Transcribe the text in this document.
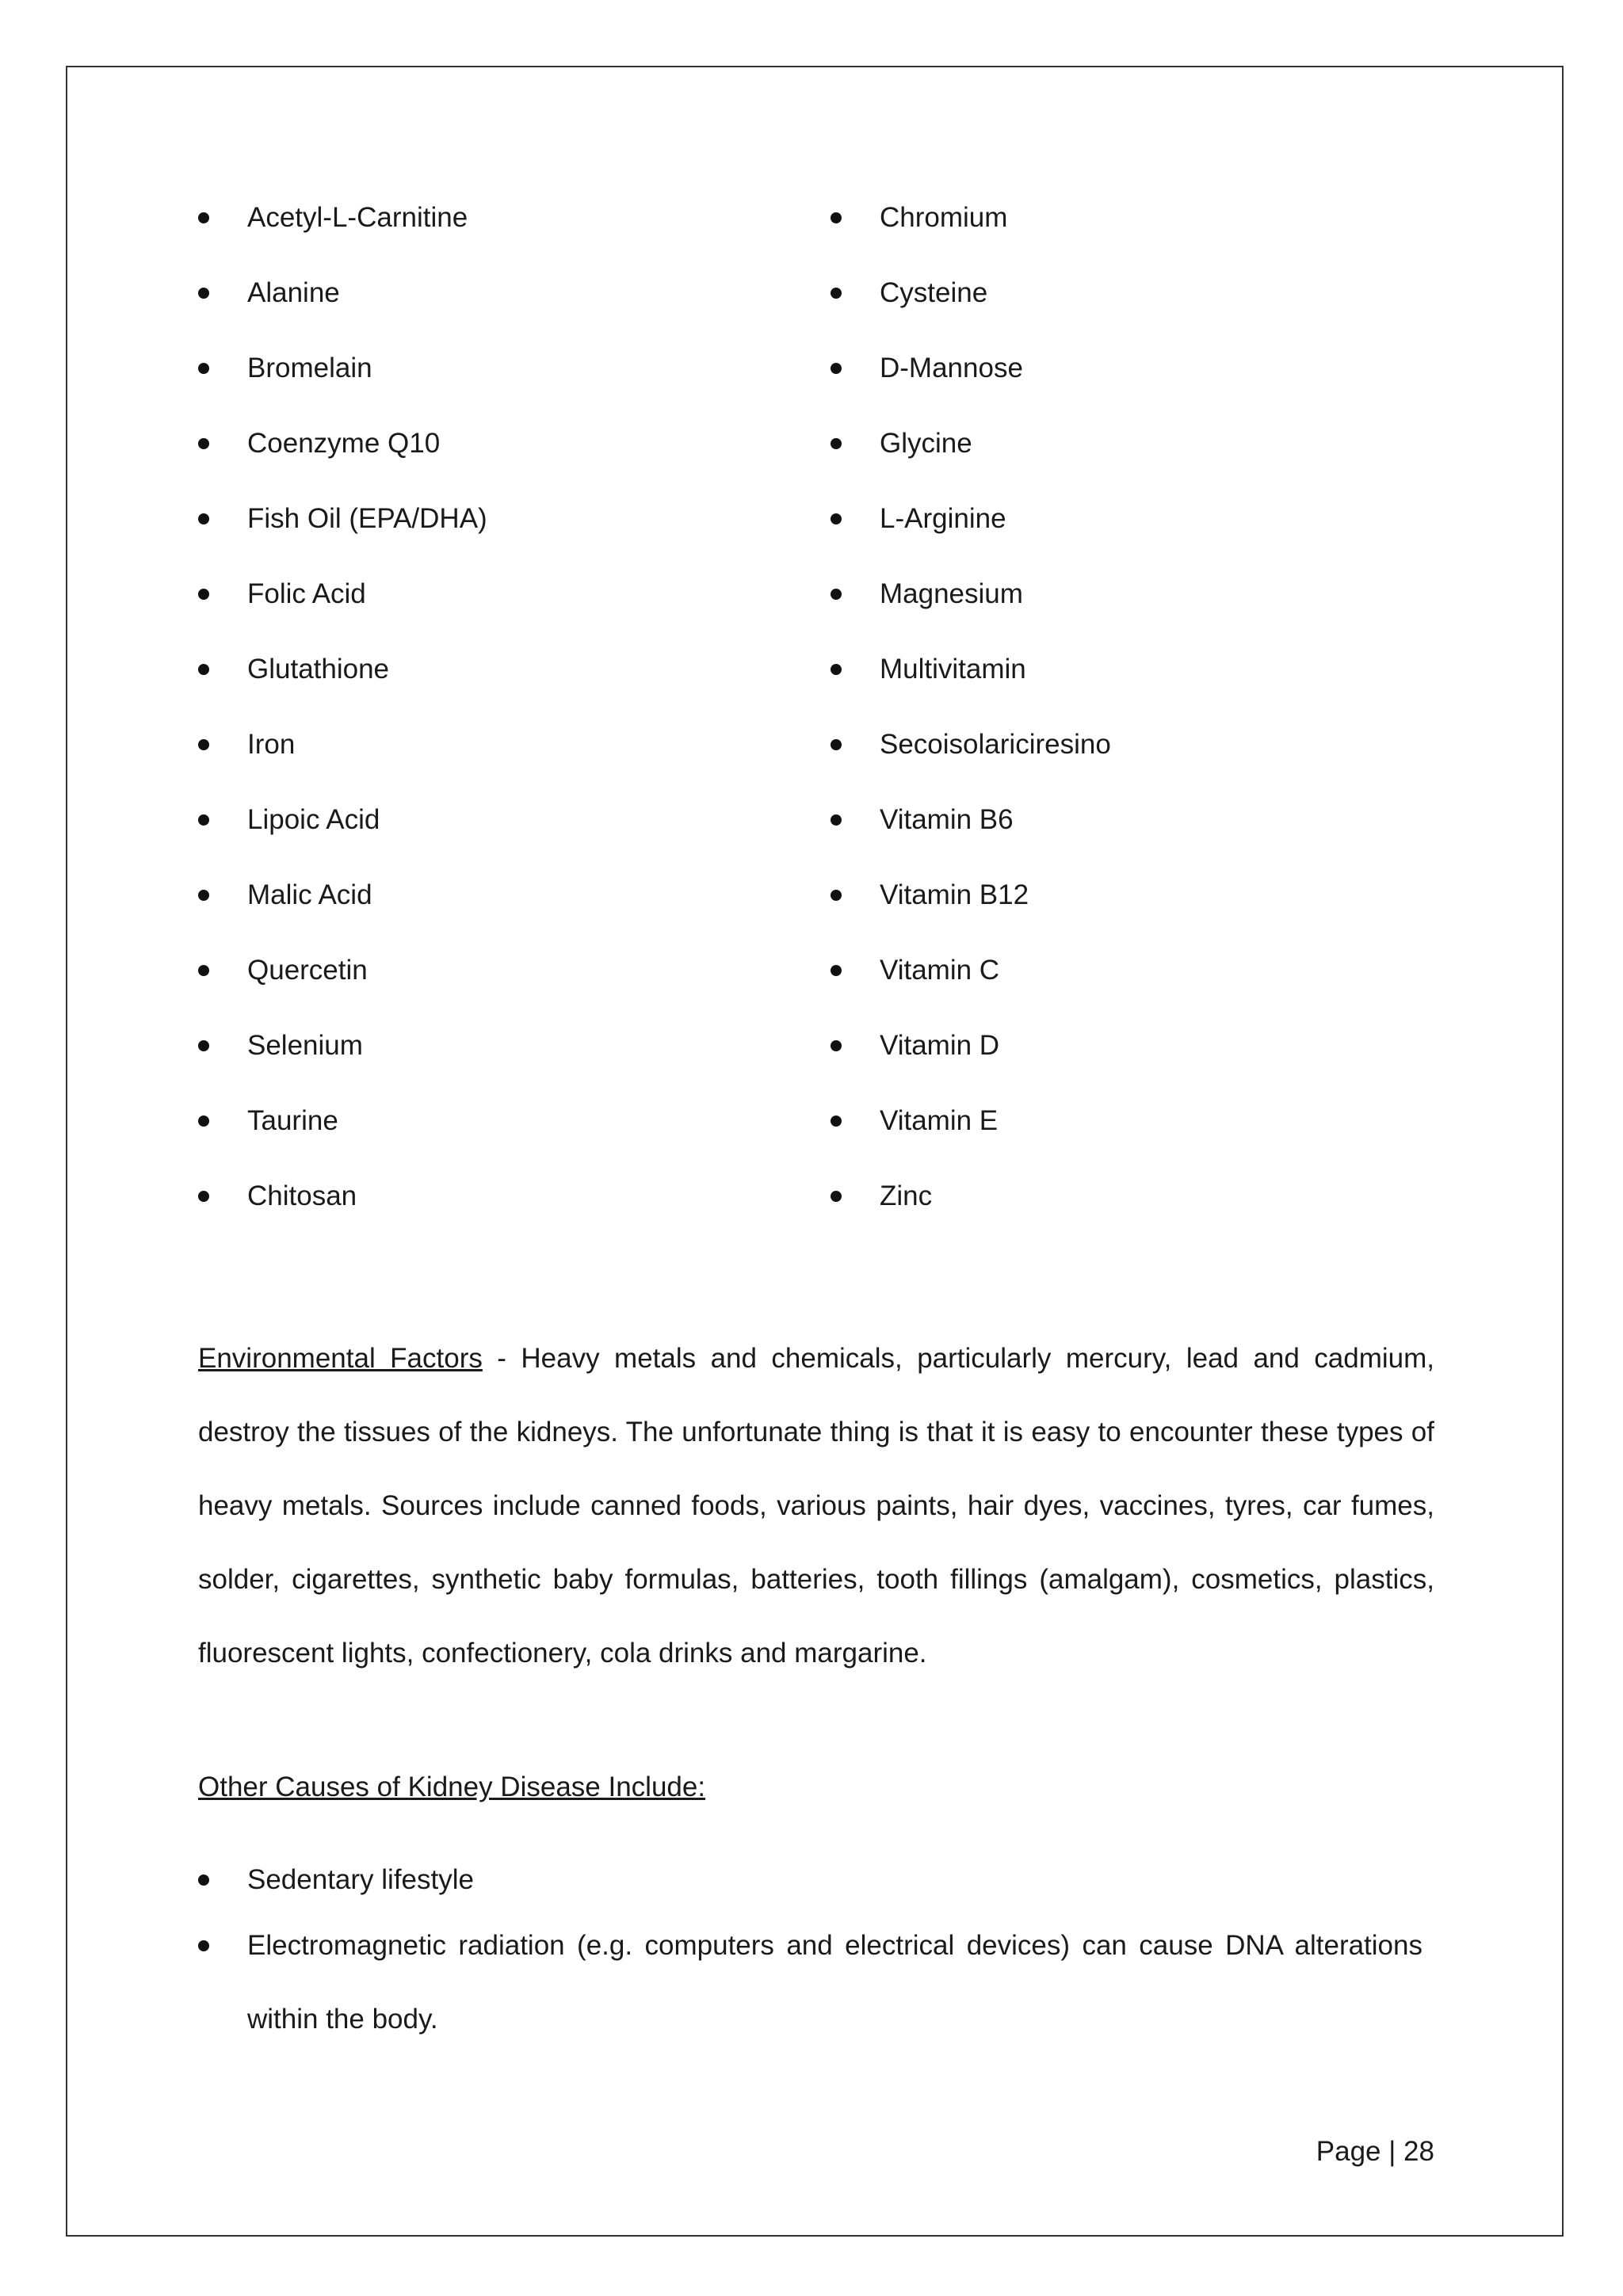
Acetyl-L-Carnitine
Alanine
Bromelain
Coenzyme Q10
Fish Oil (EPA/DHA)
Folic Acid
Glutathione
Iron
Lipoic Acid
Malic Acid
Quercetin
Selenium
Taurine
Chitosan
Chromium
Cysteine
D-Mannose
Glycine
L-Arginine
Magnesium
Multivitamin
Secoisolariciresino
Vitamin B6
Vitamin B12
Vitamin C
Vitamin D
Vitamin E
Zinc

Environmental Factors - Heavy metals and chemicals, particularly mercury, lead and cadmium, destroy the tissues of the kidneys. The unfortunate thing is that it is easy to encounter these types of heavy metals. Sources include canned foods, various paints, hair dyes, vaccines, tyres, car fumes, solder, cigarettes, synthetic baby formulas, batteries, tooth fillings (amalgam), cosmetics, plastics, fluorescent lights, confectionery, cola drinks and margarine.

Other Causes of Kidney Disease Include:
Sedentary lifestyle
Electromagnetic radiation (e.g. computers and electrical devices) can cause DNA alterations within the body.
Page | 28
